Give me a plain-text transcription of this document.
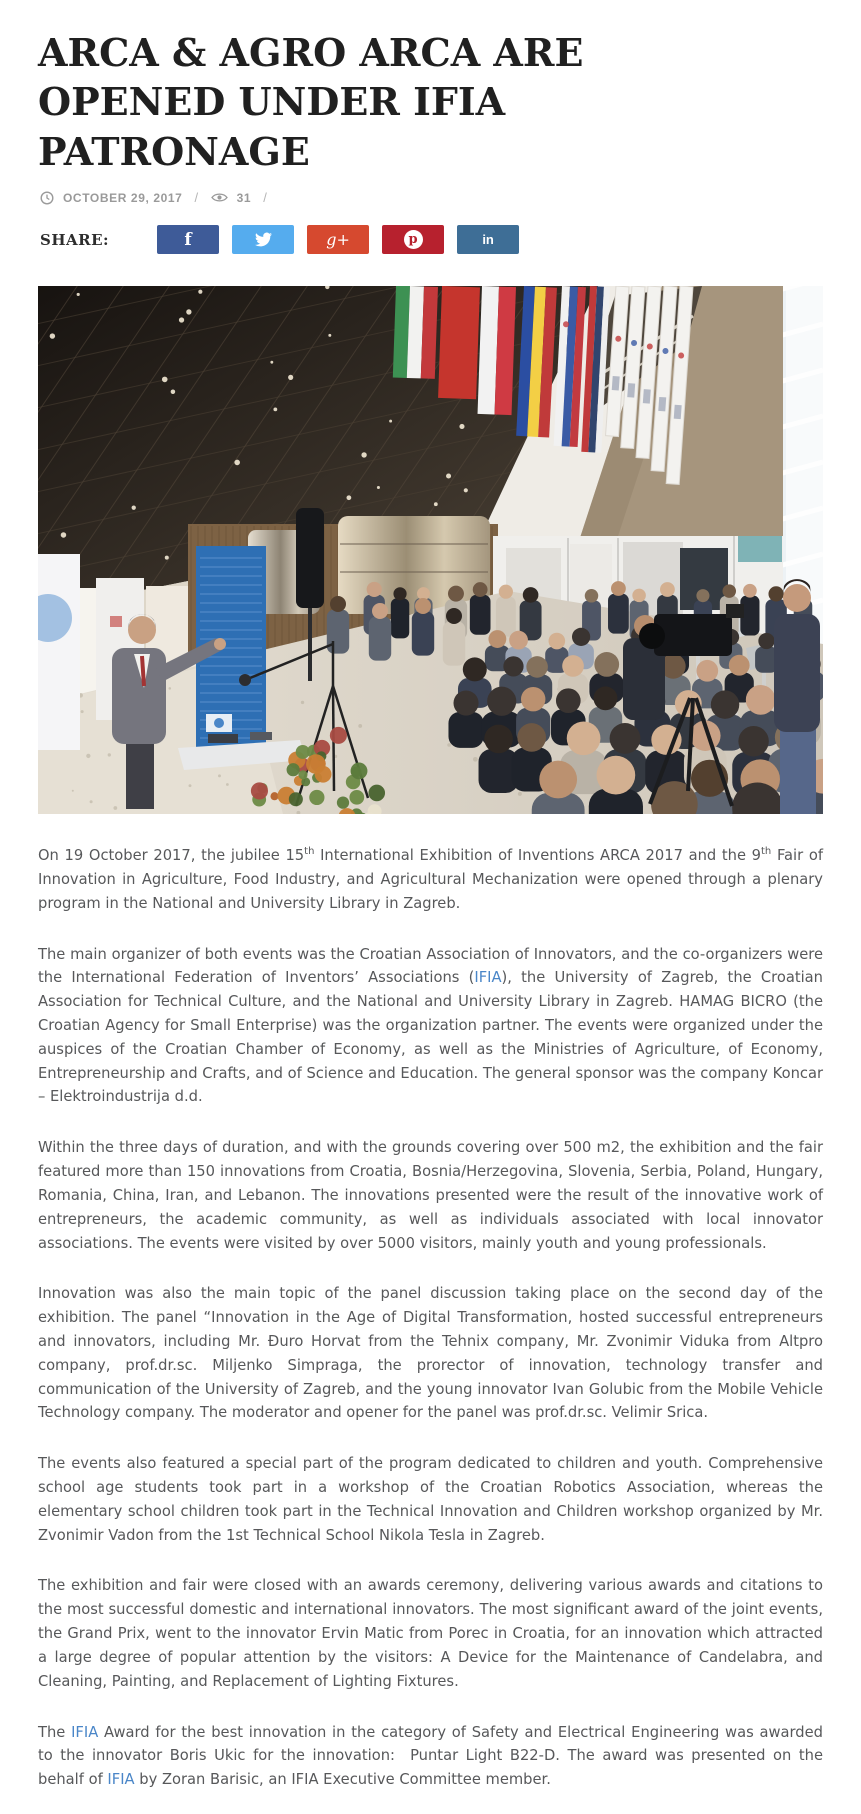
ARCA & AGRO ARCA ARE OPENED UNDER IFIA PATRONAGE
OCTOBER 29, 2017 /	31 /
SHARE:	f	g+	p	in

On 19 October 2017, the jubilee 15th International Exhibition of Inventions ARCA 2017 and the 9th Fair of Innovation in Agriculture, Food Industry, and Agricultural Mechanization were opened through a plenary program in the National and University Library in Zagreb.

The main organizer of both events was the Croatian Association of Innovators, and the co-organizers were the International Federation of Inventors’ Associations (IFIA), the University of Zagreb, the Croatian Association for Technical Culture, and the National and University Library in Zagreb. HAMAG BICRO (the Croatian Agency for Small Enterprise) was the organization partner. The events were organized under the auspices of the Croatian Chamber of Economy, as well as the Ministries of Agriculture, of Economy, Entrepreneurship and Crafts, and of Science and Education. The general sponsor was the company Koncar – Elektroindustrija d.d.

Within the three days of duration, and with the grounds covering over 500 m2, the exhibition and the fair featured more than 150 innovations from Croatia, Bosnia/Herzegovina, Slovenia, Serbia, Poland, Hungary, Romania, China, Iran, and Lebanon. The innovations presented were the result of the innovative work of entrepreneurs, the academic community, as well as individuals associated with local innovator associations. The events were visited by over 5000 visitors, mainly youth and young professionals.

Innovation was also the main topic of the panel discussion taking place on the second day of the exhibition. The panel “Innovation in the Age of Digital Transformation, hosted successful entrepreneurs and innovators, including Mr. Đuro Horvat from the Tehnix company, Mr. Zvonimir Viduka from Altpro company, prof.dr.sc. Miljenko Simpraga, the prorector of innovation, technology transfer and communication of the University of Zagreb, and the young innovator Ivan Golubic from the Mobile Vehicle Technology company. The moderator and opener for the panel was prof.dr.sc. Velimir Srica.

The events also featured a special part of the program dedicated to children and youth. Comprehensive school age students took part in a workshop of the Croatian Robotics Association, whereas the elementary school children took part in the Technical Innovation and Children workshop organized by Mr. Zvonimir Vadon from the 1st Technical School Nikola Tesla in Zagreb.

The exhibition and fair were closed with an awards ceremony, delivering various awards and citations to the most successful domestic and international innovators. The most significant award of the joint events, the Grand Prix, went to the innovator Ervin Matic from Porec in Croatia, for an innovation which attracted a large degree of popular attention by the visitors: A Device for the Maintenance of Candelabra, and Cleaning, Painting, and Replacement of Lighting Fixtures.

The IFIA Award for the best innovation in the category of Safety and Electrical Engineering was awarded to the innovator Boris Ukic for the innovation:  Puntar Light B22-D. The award was presented on the behalf of IFIA by Zoran Barisic, an IFIA Executive Committee member.
